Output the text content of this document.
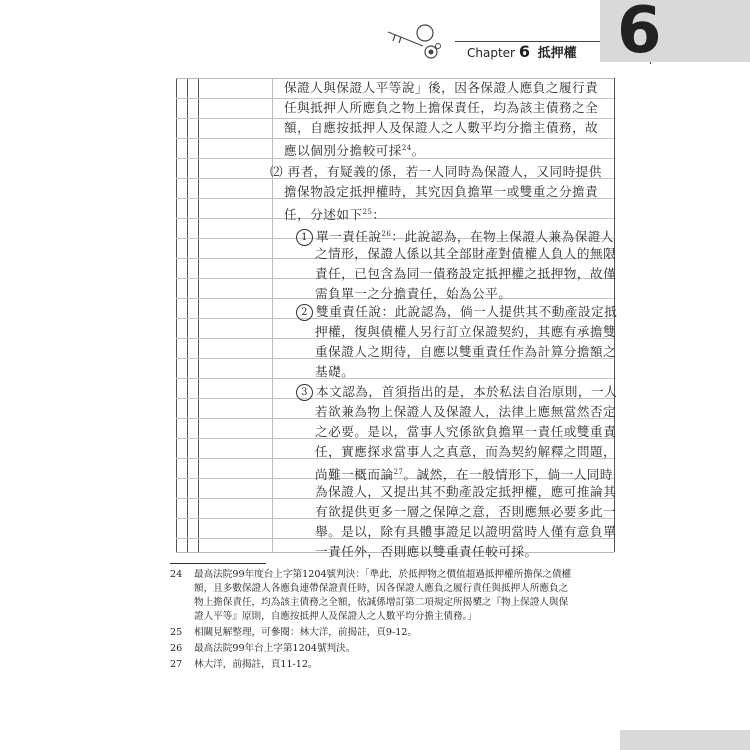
Chapter 6 抵押權 6
保證人與保證人平等說」後，因各保證人應負之履行責
任與抵押人所應負之物上擔保責任，均為該主債務之全
額，自應按抵押人及保證人之人數平均分擔主債務，故
應以個別分擔較可採$^{24}$。
⑵ 再者，有疑義的係，若一人同時為保證人，又同時提供
擔保物設定抵押權時，其究因負擔單一或雙重之分擔責
任，分述如下$^{25}$：
1 單一責任說$^{26}$：此說認為，在物上保證人兼為保證人
之情形，保證人係以其全部財產對債權人負人的無限
責任，已包含為同一債務設定抵押權之抵押物，故僅
需負單一之分擔責任，始為公平。
2 雙重責任說：此說認為，倘一人提供其不動產設定抵
押權，復與債權人另行訂立保證契約，其應有承擔雙
重保證人之期待，自應以雙重責任作為計算分擔額之
基礎。
3 本文認為，首須指出的是，本於私法自治原則，一人
若欲兼為物上保證人及保證人，法律上應無當然否定
之必要。是以，當事人究係欲負擔單一責任或雙重責
任，實應探求當事人之真意，而為契約解釋之問題，
尚難一概而論$^{27}$。誠然，在一般情形下，倘一人同時
為保證人，又提出其不動產設定抵押權，應可推論其
有欲提供更多一層之保障之意，否則應無必要多此一
舉。是以，除有具體事證足以證明當時人僅有意負單
一責任外，否則應以雙重責任較可採。
24 最高法院99年度台上字第1204號判決：「準此，於抵押物之價值超過抵押權所擔保之債權
額，且多數保證人各應負連帶保證責任時，因各保證人應負之履行責任與抵押人所應負之
物上擔保責任，均為該主債務之全額，依誠係增訂第二項規定所揭櫫之『物上保證人與保
證人平等』原則，自應按抵押人及保證人之人數平均分擔主債務。」
25 相關見解整理，可參閱：林大洋，前揭註，頁9-12。
26 最高法院99年台上字第1204號判決。
27 林大洋，前揭註，頁11-12。
